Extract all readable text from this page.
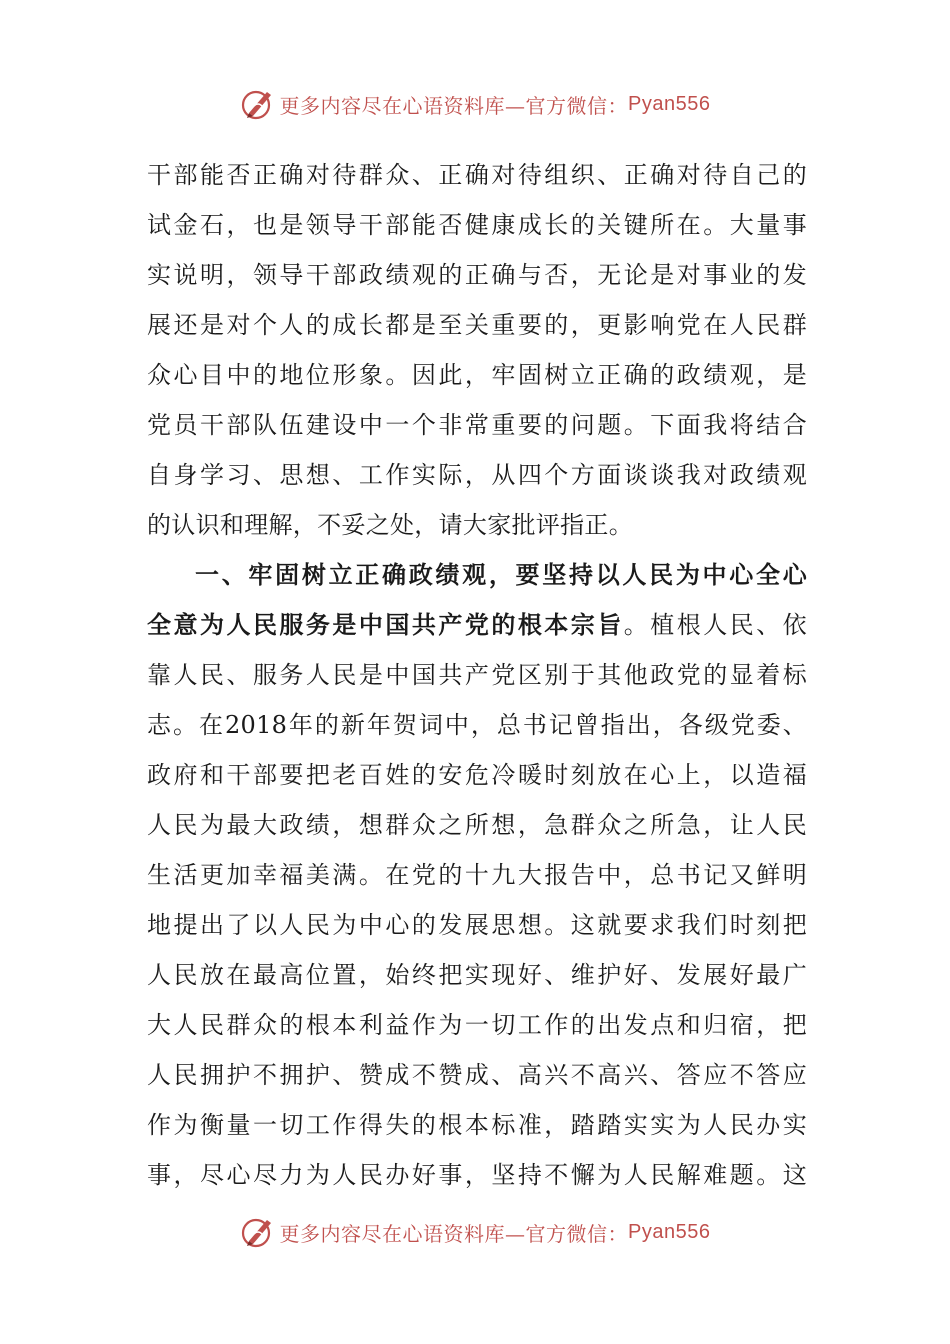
更多内容尽在心语资料库—官方微信： Pyan556
干部能否正确对待群众、正确对待组织、正确对待自己的
试金石，也是领导干部能否健康成长的关键所在。大量事
实说明，领导干部政绩观的正确与否，无论是对事业的发
展还是对个人的成长都是至关重要的，更影响党在人民群
众心目中的地位形象。因此，牢固树立正确的政绩观，是
党员干部队伍建设中一个非常重要的问题。下面我将结合
自身学习、思想、工作实际，从四个方面谈谈我对政绩观
的认识和理解，不妥之处，请大家批评指正。
一、牢固树立正确政绩观，要坚持以人民为中心全心
全意为人民服务是中国共产党的根本宗旨。植根人民、依
靠人民、服务人民是中国共产党区别于其他政党的显着标
志。在2018年的新年贺词中，总书记曾指出，各级党委、
政府和干部要把老百姓的安危冷暖时刻放在心上，以造福
人民为最大政绩，想群众之所想，急群众之所急，让人民
生活更加幸福美满。在党的十九大报告中，总书记又鲜明
地提出了以人民为中心的发展思想。这就要求我们时刻把
人民放在最高位置，始终把实现好、维护好、发展好最广
大人民群众的根本利益作为一切工作的出发点和归宿，把
人民拥护不拥护、赞成不赞成、高兴不高兴、答应不答应
作为衡量一切工作得失的根本标准，踏踏实实为人民办实
事，尽心尽力为人民办好事，坚持不懈为人民解难题。这
更多内容尽在心语资料库—官方微信： Pyan556
